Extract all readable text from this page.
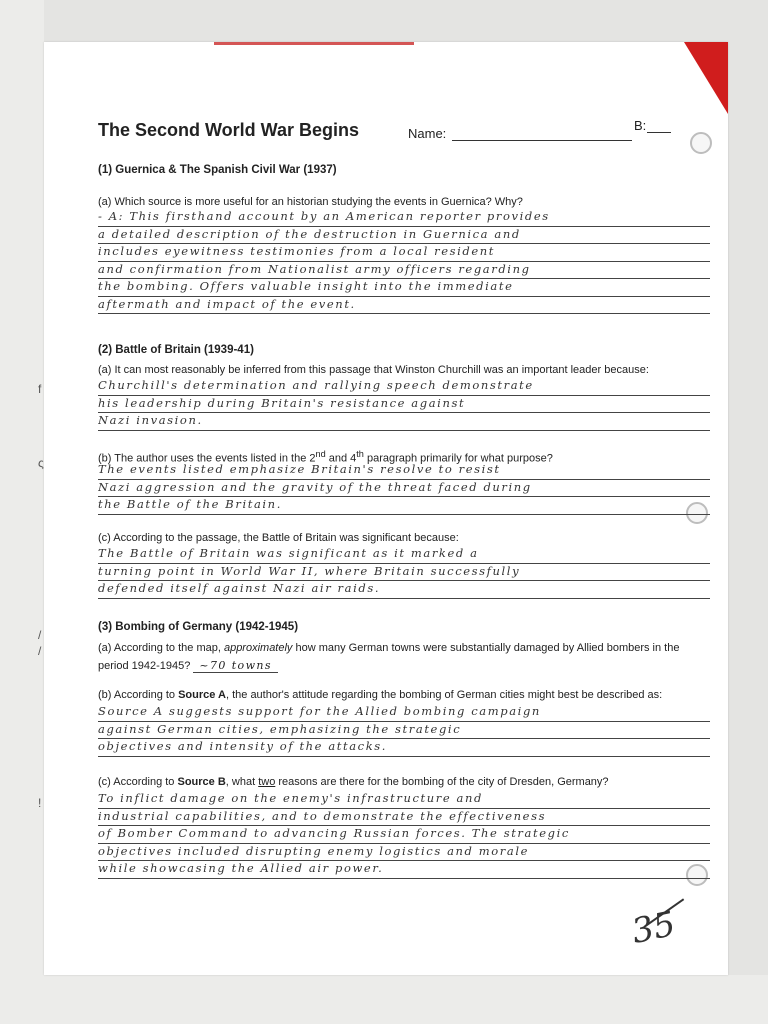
f
ς
/
/
!
The Second World War Begins	Name:
B:
(1) Guernica & The Spanish Civil War (1937)
(a) Which source is more useful for an historian studying the events in Guernica? Why?
- A: This firsthand account by an American reporter provides
a detailed description of the destruction in Guernica and
includes eyewitness testimonies from a local resident
and confirmation from Nationalist army officers regarding
the bombing. Offers valuable insight into the immediate
aftermath and impact of the event.
(2) Battle of Britain (1939-41)
(a) It can most reasonably be inferred from this passage that Winston Churchill was an important leader because:
Churchill's determination and rallying speech demonstrate
his leadership during Britain's resistance against
Nazi invasion.
(b) The author uses the events listed in the 2nd and 4th paragraph primarily for what purpose?
The events listed emphasize Britain's resolve to resist
Nazi aggression and the gravity of the threat faced during
the Battle of the Britain.
(c) According to the passage, the Battle of Britain was significant because:
The Battle of Britain was significant as it marked a
turning point in World War II, where Britain successfully
defended itself against Nazi air raids.
(3) Bombing of Germany (1942-1945)
(a) According to the map, approximately how many German towns were substantially damaged by Allied bombers in the period 1942-1945? ~70 towns
(b) According to Source A, the author's attitude regarding the bombing of German cities might best be described as:
Source A suggests support for the Allied bombing campaign
against German cities, emphasizing the strategic
objectives and intensity of the attacks.
(c) According to Source B, what two reasons are there for the bombing of the city of Dresden, Germany?
To inflict damage on the enemy's infrastructure and
industrial capabilities, and to demonstrate the effectiveness
of Bomber Command to advancing Russian forces. The strategic
objectives included disrupting enemy logistics and morale
while showcasing the Allied air power.
35
